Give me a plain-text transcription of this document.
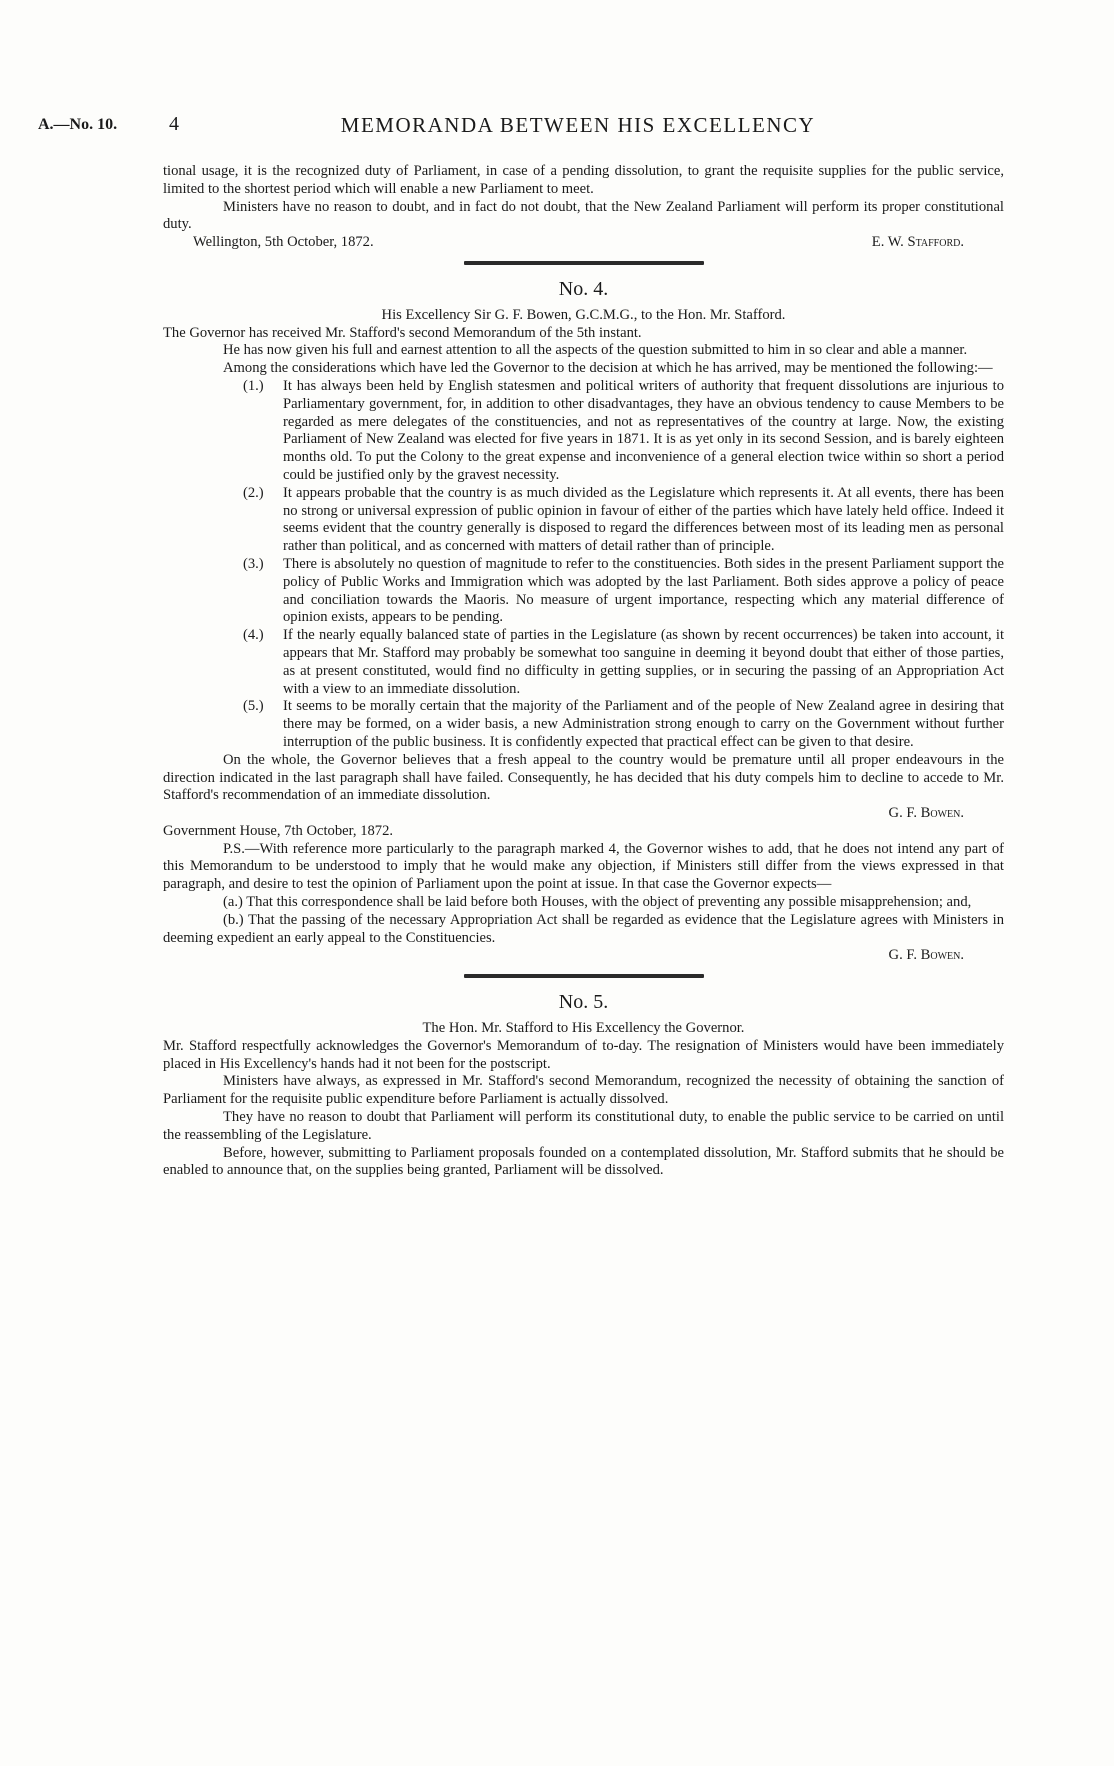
A.—No. 10.	4	MEMORANDA BETWEEN HIS EXCELLENCY

tional usage, it is the recognized duty of Parliament, in case of a pending dissolution, to grant the requisite supplies for the public service, limited to the shortest period which will enable a new Parliament to meet.

Ministers have no reason to doubt, and in fact do not doubt, that the New Zealand Parliament will perform its proper constitutional duty.

Wellington, 5th October, 1872.	E. W. Stafford.
No. 4.

His Excellency Sir G. F. Bowen, G.C.M.G., to the Hon. Mr. Stafford.

The Governor has received Mr. Stafford's second Memorandum of the 5th instant.

He has now given his full and earnest attention to all the aspects of the question submitted to him in so clear and able a manner.

Among the considerations which have led the Governor to the decision at which he has arrived, may be mentioned the following:—

(1.)	It has always been held by English statesmen and political writers of authority that frequent dissolutions are injurious to Parliamentary government, for, in addition to other disadvantages, they have an obvious tendency to cause Members to be regarded as mere delegates of the constituencies, and not as representatives of the country at large. Now, the existing Parliament of New Zealand was elected for five years in 1871. It is as yet only in its second Session, and is barely eighteen months old. To put the Colony to the great expense and inconvenience of a general election twice within so short a period could be justified only by the gravest necessity.
(2.)	It appears probable that the country is as much divided as the Legislature which represents it. At all events, there has been no strong or universal expression of public opinion in favour of either of the parties which have lately held office. Indeed it seems evident that the country generally is disposed to regard the differences between most of its leading men as personal rather than political, and as concerned with matters of detail rather than of principle.
(3.)	There is absolutely no question of magnitude to refer to the constituencies. Both sides in the present Parliament support the policy of Public Works and Immigration which was adopted by the last Parliament. Both sides approve a policy of peace and conciliation towards the Maoris. No measure of urgent importance, respecting which any material difference of opinion exists, appears to be pending.
(4.)	If the nearly equally balanced state of parties in the Legislature (as shown by recent occurrences) be taken into account, it appears that Mr. Stafford may probably be somewhat too sanguine in deeming it beyond doubt that either of those parties, as at present constituted, would find no difficulty in getting supplies, or in securing the passing of an Appropriation Act with a view to an immediate dissolution.
(5.)	It seems to be morally certain that the majority of the Parliament and of the people of New Zealand agree in desiring that there may be formed, on a wider basis, a new Administration strong enough to carry on the Government without further interruption of the public business. It is confidently expected that practical effect can be given to that desire.

On the whole, the Governor believes that a fresh appeal to the country would be premature until all proper endeavours in the direction indicated in the last paragraph shall have failed. Consequently, he has decided that his duty compels him to decline to accede to Mr. Stafford's recommendation of an immediate dissolution.

G. F. Bowen.

Government House, 7th October, 1872.

P.S.—With reference more particularly to the paragraph marked 4, the Governor wishes to add, that he does not intend any part of this Memorandum to be understood to imply that he would make any objection, if Ministers still differ from the views expressed in that paragraph, and desire to test the opinion of Parliament upon the point at issue. In that case the Governor expects—

(a.) That this correspondence shall be laid before both Houses, with the object of preventing any possible misapprehension; and,

(b.) That the passing of the necessary Appropriation Act shall be regarded as evidence that the Legislature agrees with Ministers in deeming expedient an early appeal to the Constituencies.

G. F. Bowen.

No. 5.

The Hon. Mr. Stafford to His Excellency the Governor.

Mr. Stafford respectfully acknowledges the Governor's Memorandum of to-day. The resignation of Ministers would have been immediately placed in His Excellency's hands had it not been for the postscript.

Ministers have always, as expressed in Mr. Stafford's second Memorandum, recognized the necessity of obtaining the sanction of Parliament for the requisite public expenditure before Parliament is actually dissolved.

They have no reason to doubt that Parliament will perform its constitutional duty, to enable the public service to be carried on until the reassembling of the Legislature.

Before, however, submitting to Parliament proposals founded on a contemplated dissolution, Mr. Stafford submits that he should be enabled to announce that, on the supplies being granted, Parliament will be dissolved.
